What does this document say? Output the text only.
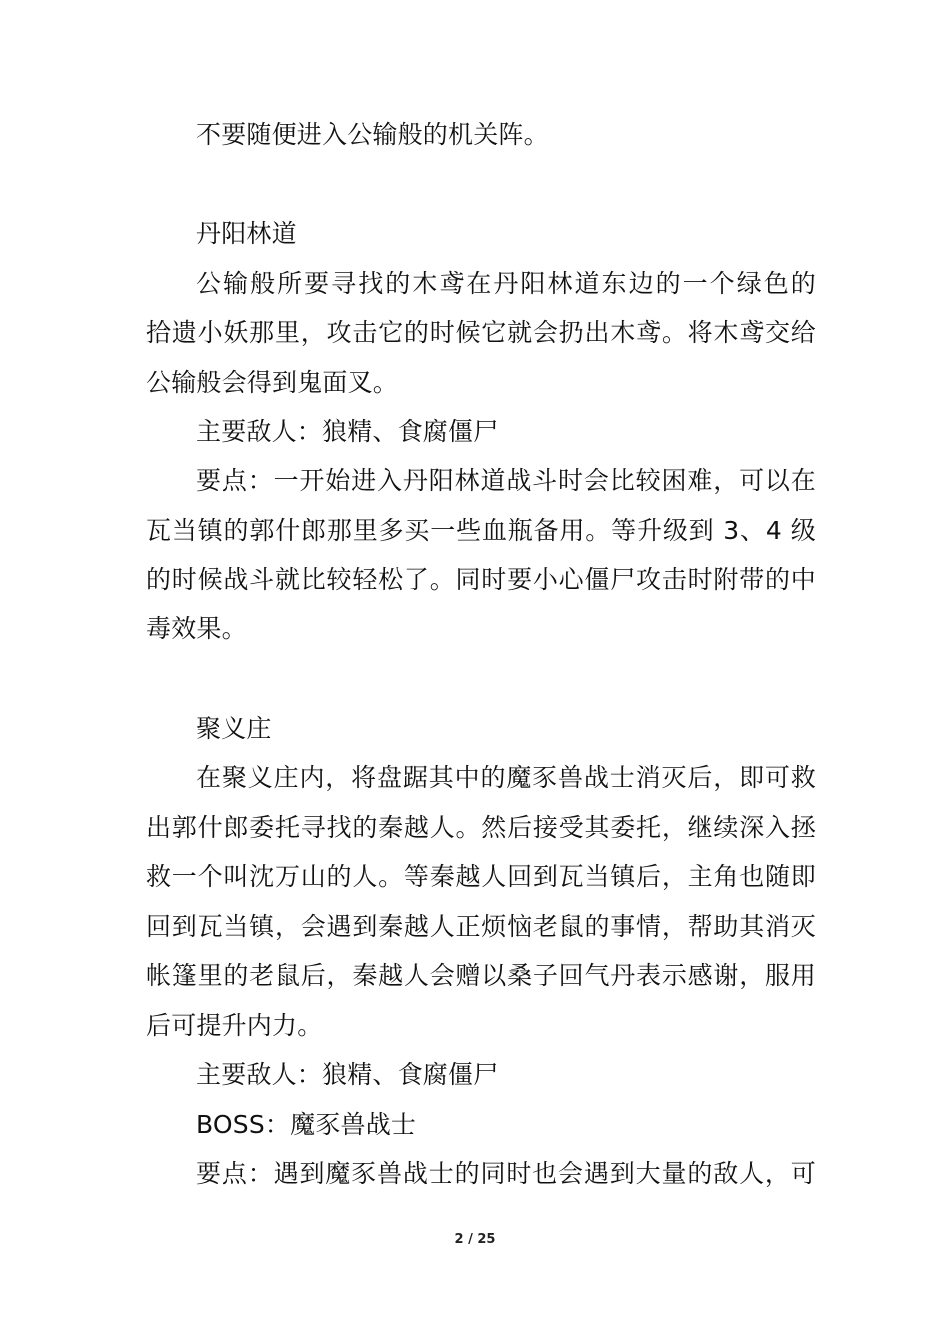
不要随便进入公输般的机关阵。
丹阳林道
公输般所要寻找的木鸢在丹阳林道东边的一个绿色的
拾遗小妖那里，攻击它的时候它就会扔出木鸢。将木鸢交给
公输般会得到鬼面叉。
主要敌人：狼精、食腐僵尸
要点：一开始进入丹阳林道战斗时会比较困难，可以在
瓦当镇的郭什郎那里多买一些血瓶备用。等升级到 3、4 级
的时候战斗就比较轻松了。同时要小心僵尸攻击时附带的中
毒效果。
聚义庄
在聚义庄内，将盘踞其中的魔豕兽战士消灭后，即可救
出郭什郎委托寻找的秦越人。然后接受其委托，继续深入拯
救一个叫沈万山的人。等秦越人回到瓦当镇后，主角也随即
回到瓦当镇，会遇到秦越人正烦恼老鼠的事情，帮助其消灭
帐篷里的老鼠后，秦越人会赠以桑子回气丹表示感谢，服用
后可提升内力。
主要敌人：狼精、食腐僵尸
BOSS：魔豕兽战士
要点：遇到魔豕兽战士的同时也会遇到大量的敌人，可
2 / 25
